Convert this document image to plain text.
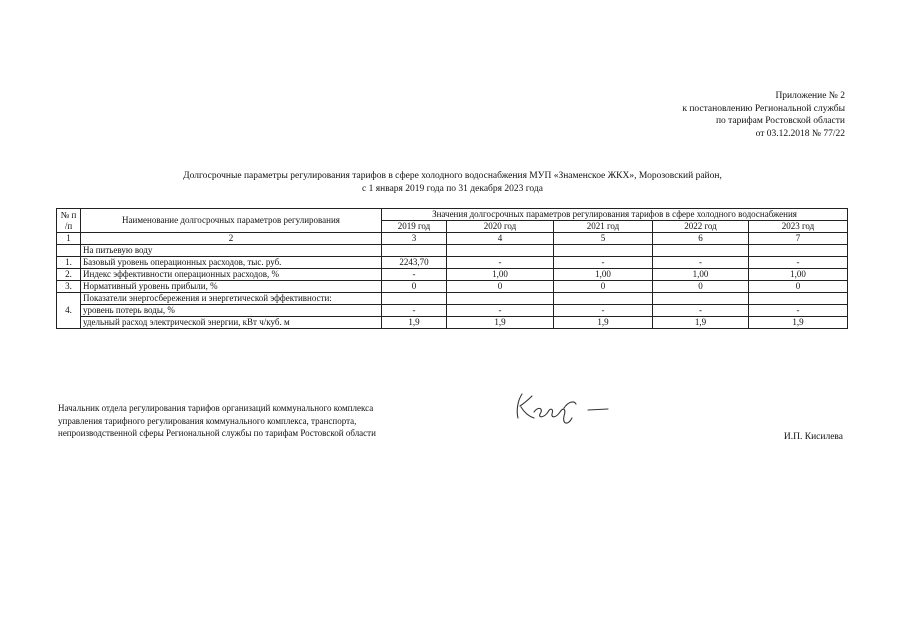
Приложение № 2
к постановлению Региональной службы
по тарифам Ростовской области
от 03.12.2018 № 77/22
Долгосрочные параметры регулирования тарифов в сфере холодного водоснабжения МУП «Знаменское ЖКХ», Морозовский район,
с 1 января 2019 года по 31 декабря 2023 года
№ п /п	Наименование долгосрочных параметров регулирования	Значения долгосрочных параметров регулирования тарифов в сфере холодного водоснабжения				
		2019 год	2020 год	2021 год	2022 год	2023 год
1	2	3	4	5	6	7
	На питьевую воду					
1.	Базовый уровень операционных расходов, тыс. руб.	2243,70	-	-	-	-
2.	Индекс эффективности операционных расходов, %	-	1,00	1,00	1,00	1,00
3.	Нормативный уровень прибыли, %	0	0	0	0	0
4.	Показатели энергосбережения и энергетической эффективности:					
	уровень потерь воды, %	-	-	-	-	-
	удельный расход электрической энергии, кВт ч/куб. м	1,9	1,9	1,9	1,9	1,9
Начальник отдела регулирования тарифов организаций коммунального комплекса
управления тарифного регулирования коммунального комплекса, транспорта,
непроизводственной сферы Региональной службы по тарифам Ростовской области	И.П. Кисилева
